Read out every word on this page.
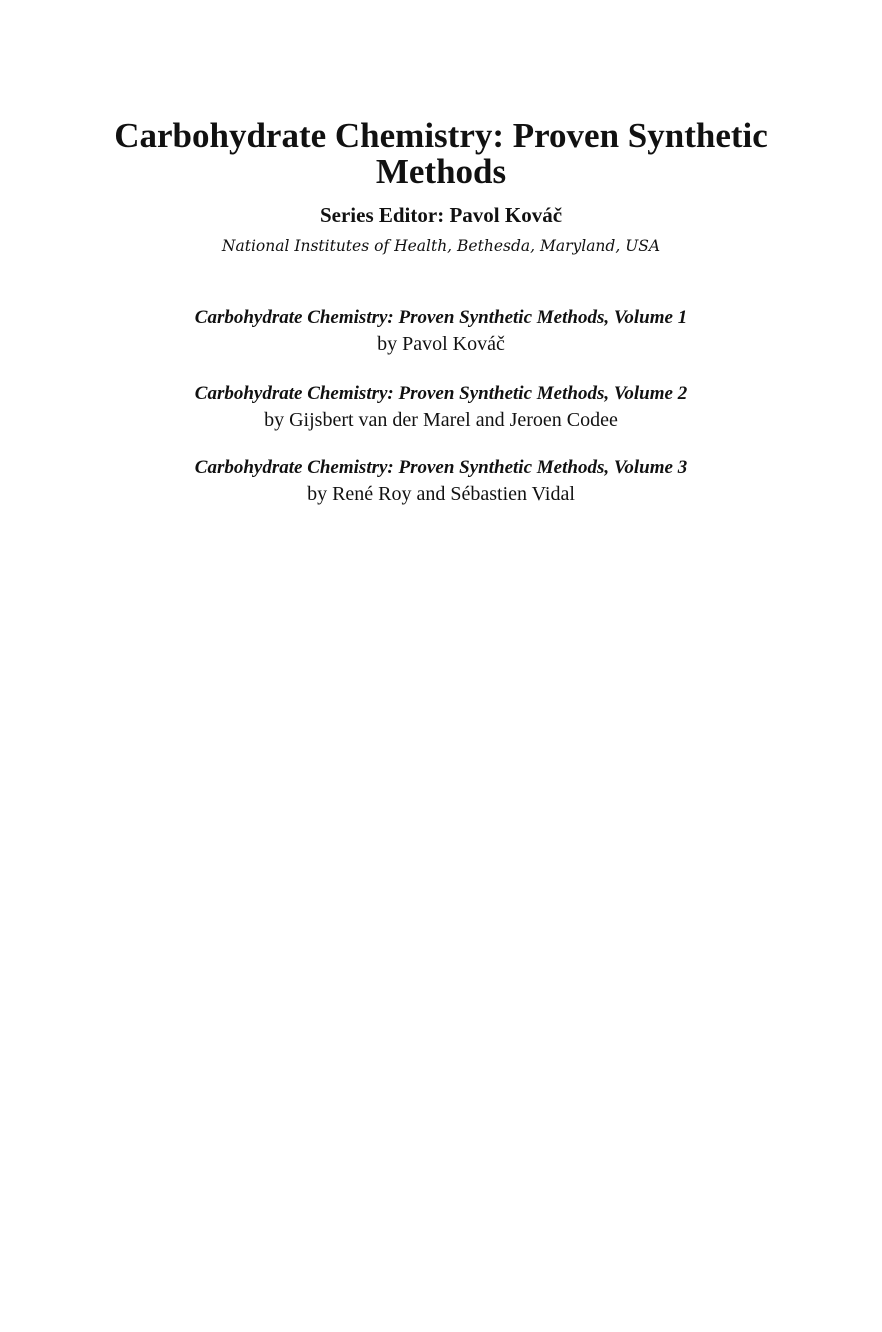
Carbohydrate Chemistry: Proven Synthetic Methods
Series Editor: Pavol Kováč
National Institutes of Health, Bethesda, Maryland, USA
Carbohydrate Chemistry: Proven Synthetic Methods, Volume 1
by Pavol Kováč
Carbohydrate Chemistry: Proven Synthetic Methods, Volume 2
by Gijsbert van der Marel and Jeroen Codee
Carbohydrate Chemistry: Proven Synthetic Methods, Volume 3
by René Roy and Sébastien Vidal
